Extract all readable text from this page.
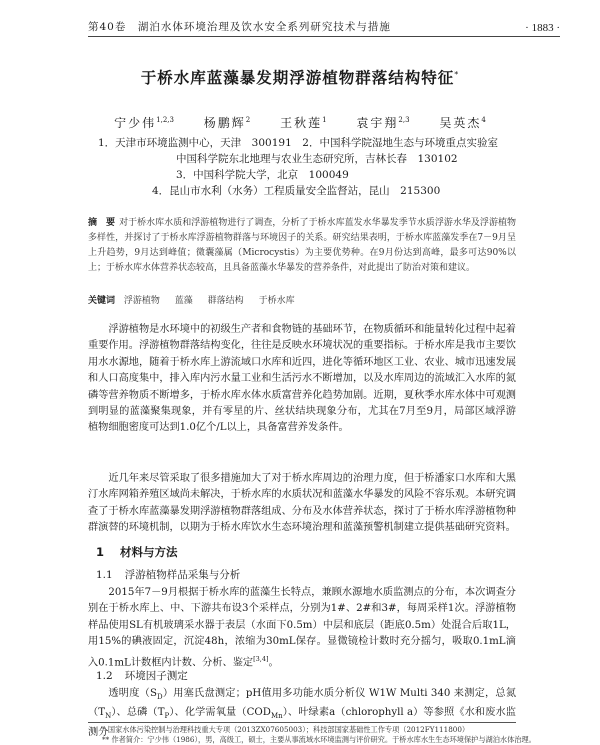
第40卷　湖泊水体环境治理及饮水安全系列研究技术与措施	· 1883 ·
于桥水库蓝藻暴发期浮游植物群落结构特征*
宁少伟$^{1,2,3}$ 杨鹏辉$^2$ 王秋莲$^1$ 袁宇翔$^{2,3}$ 吴英杰$^4$
1．天津市环境监测中心，天津　300191　2．中国科学院湿地生态与环境重点实验室
中国科学院东北地理与农业生态研究所，吉林长春　130102
3．中国科学院大学，北京　100049
4．昆山市水利（水务）工程质量安全监督站，昆山　215300
摘　要 对于桥水库水质和浮游植物进行了调查，分析了于桥水库蓝发水华暴发季节水质浮游水华及浮游植物多样性，并探讨了于桥水库浮游植物群落与环境因子的关系。研究结果表明，于桥水库蓝藻发季在7－9月呈上升趋势，9月达到峰值；微囊藻属（Microcystis）为主要优势种。在9月份达到高峰，最多可达90%以上；于桥水库水体营养状态较高，且具备蓝藻水华暴发的营养条件，对此提出了防治对策和建议。
关键词 浮游植物 蓝藻 群落结构 于桥水库

浮游植物是水环境中的初级生产者和食物链的基础环节，在物质循环和能量转化过程中起着重要作用。浮游植物群落结构变化，往往是反映水环境状况的重要指标。于桥水库是我市主要饮用水水源地，随着于桥水库上游流域口水库和近四，进化等循环地区工业、农业、城市迅速发展和人口高度集中，排入库内污水量工业和生活污水不断增加，以及水库周边的流域汇入水库的氮磷等营养物质不断增多，于桥水库水体水质富营养化趋势加剧。近期，夏秋季水库水体中可观测到明显的蓝藻聚集现象，并有零星的片、丝状结块现象分布，尤其在7月至9月，局部区域浮游植物细胞密度可达到1.0亿个/L以上，具备富营养发条件。

近几年来尽管采取了很多措施加大了对于桥水库周边的治理力度，但于桥潘家口水库和大黑汀水库网箱养殖区域尚未解决，于桥水库的水质状况和蓝藻水华暴发的风险不容乐观。本研究调查了于桥水库蓝藻暴发期浮游植物群落组成、分布及水体营养状态，探讨了于桥水库浮游植物种群演替的环境机制，以期为于桥水库饮水生态环境治理和蓝藻预警机制建立提供基础研究资料。

1 材料与方法
1.1 浮游植物样品采集与分析

2015年7－9月根据于桥水库的蓝藻生长特点，兼顾水源地水质监测点的分布，本次调查分别在于桥水库上、中、下游共布设3个采样点，分别为1#、2#和3#，每周采样1次。浮游植物样品使用SL有机玻璃采水器于表层（水面下0.5m）中层和底层（距底0.5m）处混合后取1L，用15%的碘液固定，沉淀48h，浓缩为30mL保存。显微镜检计数时充分摇匀，吸取0.1mL滴入0.1mL计数框内计数、分析、鉴定[3,4]。

1.2 环境因子测定

透明度$(S_D)$用塞氏盘测定；pH值用多功能水质分析仪 W1W Multi 340 来测定，总氮$(T_N)$、总磷$(T_P)$、化学需氧量$(COD_{Mn})$、叶绿素a（chlorophyll a）等参照《水和废水监测分

* 国家水体污染控制与治理科技重大专项（2013ZX07605003）；科技部国家基础性工作专项（2012FY111800）
** 作者简介：宁少伟（1986），男，高级工，硕士，主要从事流域水环境监测与评价研究。于桥水库水生生态环境保护与湖泊水体治理。
